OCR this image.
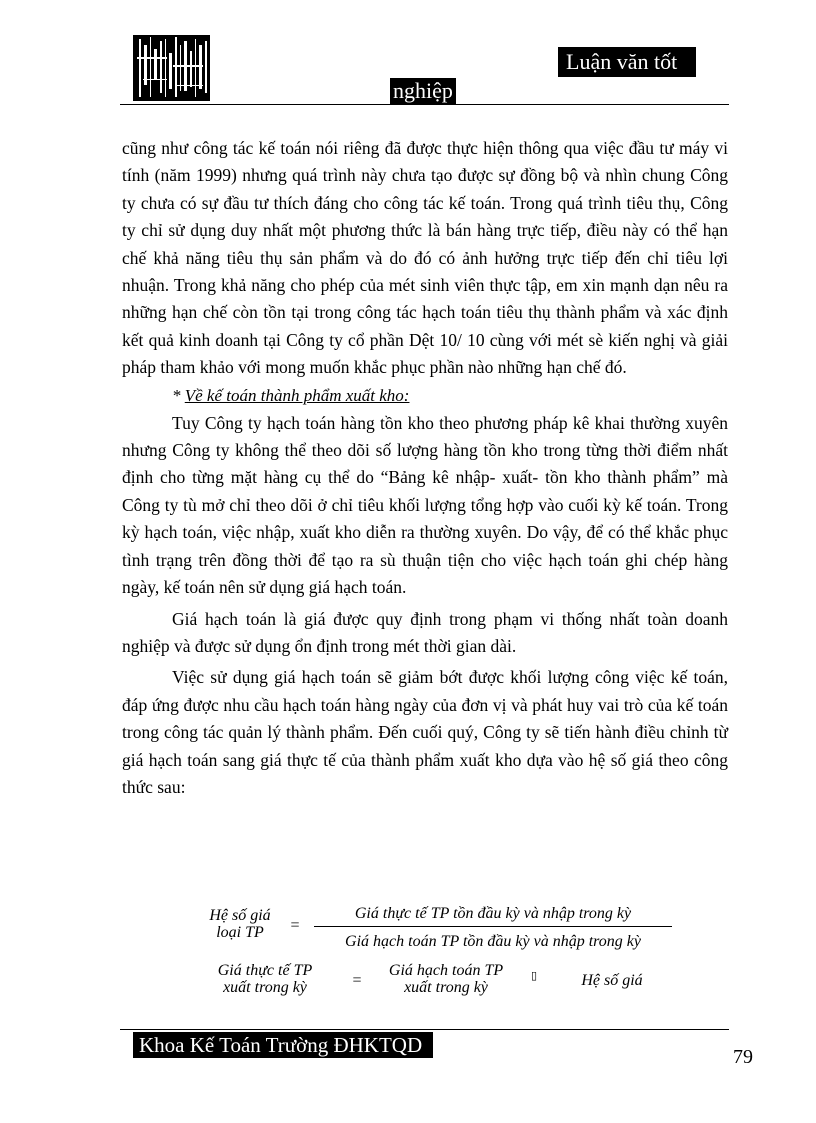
Luận văn tốt
nghiệp

cũng như công tác kế toán nói riêng đã được thực hiện thông qua việc đầu tư máy vi tính (năm 1999) nhưng quá trình này chưa tạo được sự đồng bộ và nhìn chung Công ty chưa có sự đầu tư thích đáng cho công tác kế toán. Trong quá trình tiêu thụ, Công ty chỉ sử dụng duy nhất một phương thức là bán hàng trực tiếp, điều này có thể hạn chế khả năng tiêu thụ sản phẩm và do đó có ảnh hưởng trực tiếp đến chỉ tiêu lợi nhuận. Trong khả năng cho phép của mét sinh viên thực tập, em xin mạnh dạn nêu ra những hạn chế còn tồn tại trong công tác hạch toán tiêu thụ thành phẩm và xác định kết quả kinh doanh tại Công ty cổ phần Dệt 10/ 10 cùng với mét sè kiến nghị và giải pháp tham khảo với mong muốn khắc phục phần nào những hạn chế đó.

* Về kế toán thành phẩm xuất kho:

Tuy Công ty hạch toán hàng tồn kho theo phương pháp kê khai thường xuyên nhưng Công ty không thể theo dõi số lượng hàng tồn kho trong từng thời điểm nhất định cho từng mặt hàng cụ thể do “Bảng kê nhập- xuất- tồn kho thành phẩm” mà Công ty tù mở chỉ theo dõi ở chỉ tiêu khối lượng tổng hợp vào cuối kỳ kế toán. Trong kỳ hạch toán, việc nhập, xuất kho diễn ra thường xuyên. Do vậy, để có thể khắc phục tình trạng trên đồng thời để tạo ra sù thuận tiện cho việc hạch toán ghi chép hàng ngày, kế toán nên sử dụng giá hạch toán.

Giá hạch toán là giá được quy định trong phạm vi thống nhất toàn doanh nghiệp và được sử dụng ổn định trong mét thời gian dài.

Việc sử dụng giá hạch toán sẽ giảm bớt được khối lượng công việc kế toán, đáp ứng được nhu cầu hạch toán hàng ngày của đơn vị và phát huy vai trò của kế toán trong công tác quản lý thành phẩm. Đến cuối quý, Công ty sẽ tiến hành điều chỉnh từ giá hạch toán sang giá thực tế của thành phẩm xuất kho dựa vào hệ số giá theo công thức sau:

Hệ số giá
loại TP	=
Giá thực tế TP tồn đầu kỳ và nhập trong kỳ
Giá hạch toán TP tồn đầu kỳ và nhập trong kỳ
Giá thực tế TP
xuất trong kỳ	=
Giá hạch toán TP
xuất trong kỳ
▯	Hệ số giá
Khoa Kế Toán Trường ĐHKTQD	79
